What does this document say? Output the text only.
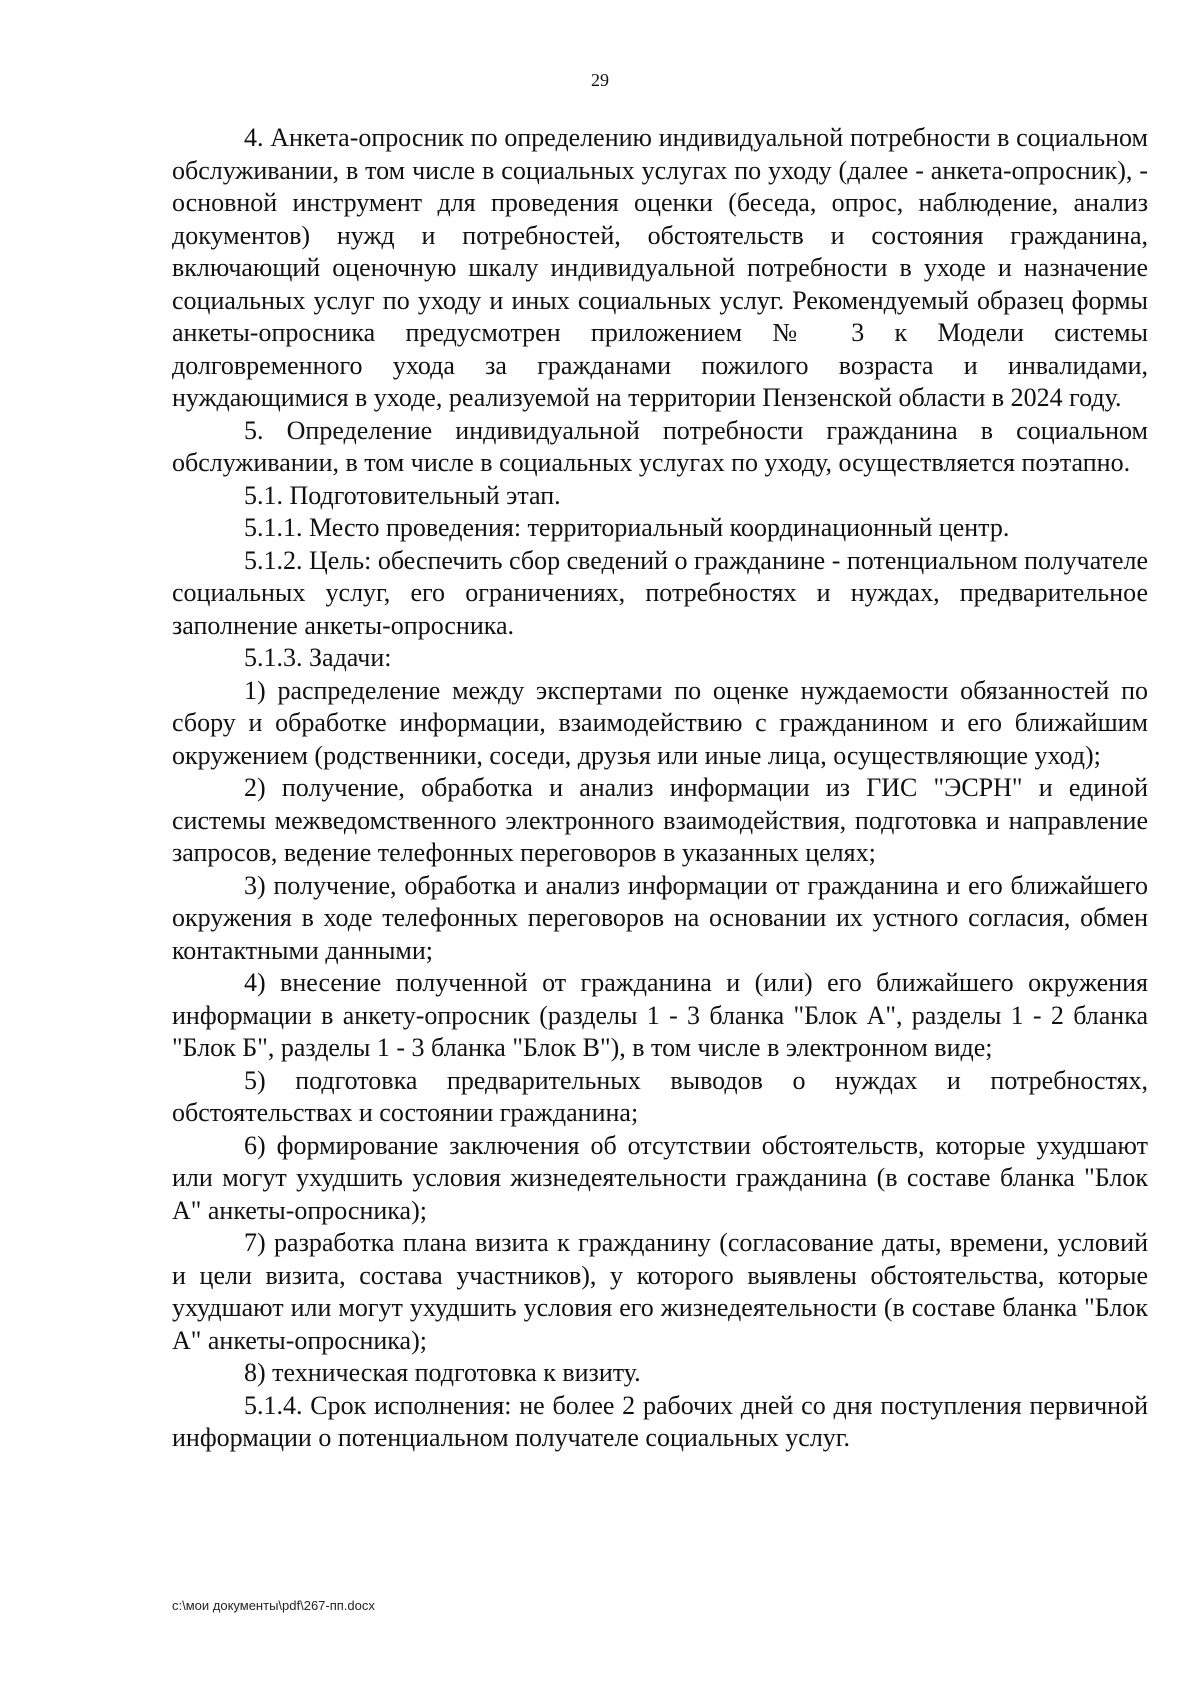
29

4. Анкета-опросник по определению индивидуальной потребности в социальном обслуживании, в том числе в социальных услугах по уходу (далее - анкета-опросник), - основной инструмент для проведения оценки (беседа, опрос, наблюдение, анализ документов) нужд и потребностей, обстоятельств и состояния гражданина, включающий оценочную шкалу индивидуальной потребности в уходе и назначение социальных услуг по уходу и иных социальных услуг. Рекомендуемый образец формы анкеты-опросника предусмотрен приложением № 3 к Модели системы долговременного ухода за гражданами пожилого возраста и инвалидами, нуждающимися в уходе, реализуемой на территории Пензенской области в 2024 году.

5. Определение индивидуальной потребности гражданина в социальном обслуживании, в том числе в социальных услугах по уходу, осуществляется поэтапно.

5.1. Подготовительный этап.

5.1.1. Место проведения: территориальный координационный центр.

5.1.2. Цель: обеспечить сбор сведений о гражданине - потенциальном получателе социальных услуг, его ограничениях, потребностях и нуждах, предварительное заполнение анкеты-опросника.

5.1.3. Задачи:

1) распределение между экспертами по оценке нуждаемости обязанностей по сбору и обработке информации, взаимодействию с гражданином и его ближайшим окружением (родственники, соседи, друзья или иные лица, осуществляющие уход);

2) получение, обработка и анализ информации из ГИС "ЭСРН" и единой системы межведомственного электронного взаимодействия, подготовка и направление запросов, ведение телефонных переговоров в указанных целях;

3) получение, обработка и анализ информации от гражданина и его ближайшего окружения в ходе телефонных переговоров на основании их устного согласия, обмен контактными данными;

4) внесение полученной от гражданина и (или) его ближайшего окружения информации в анкету-опросник (разделы 1 - 3 бланка "Блок А", разделы 1 - 2 бланка "Блок Б", разделы 1 - 3 бланка "Блок В"), в том числе в электронном виде;

5) подготовка предварительных выводов о нуждах и потребностях, обстоятельствах и состоянии гражданина;

6) формирование заключения об отсутствии обстоятельств, которые ухудшают или могут ухудшить условия жизнедеятельности гражданина (в составе бланка "Блок А" анкеты-опросника);

7) разработка плана визита к гражданину (согласование даты, времени, условий и цели визита, состава участников), у которого выявлены обстоятельства, которые ухудшают или могут ухудшить условия его жизнедеятельности (в составе бланка "Блок А" анкеты-опросника);

8) техническая подготовка к визиту.

5.1.4. Срок исполнения: не более 2 рабочих дней со дня поступления первичной информации о потенциальном получателе социальных услуг.

c:\мои документы\pdf\267-пп.docx
